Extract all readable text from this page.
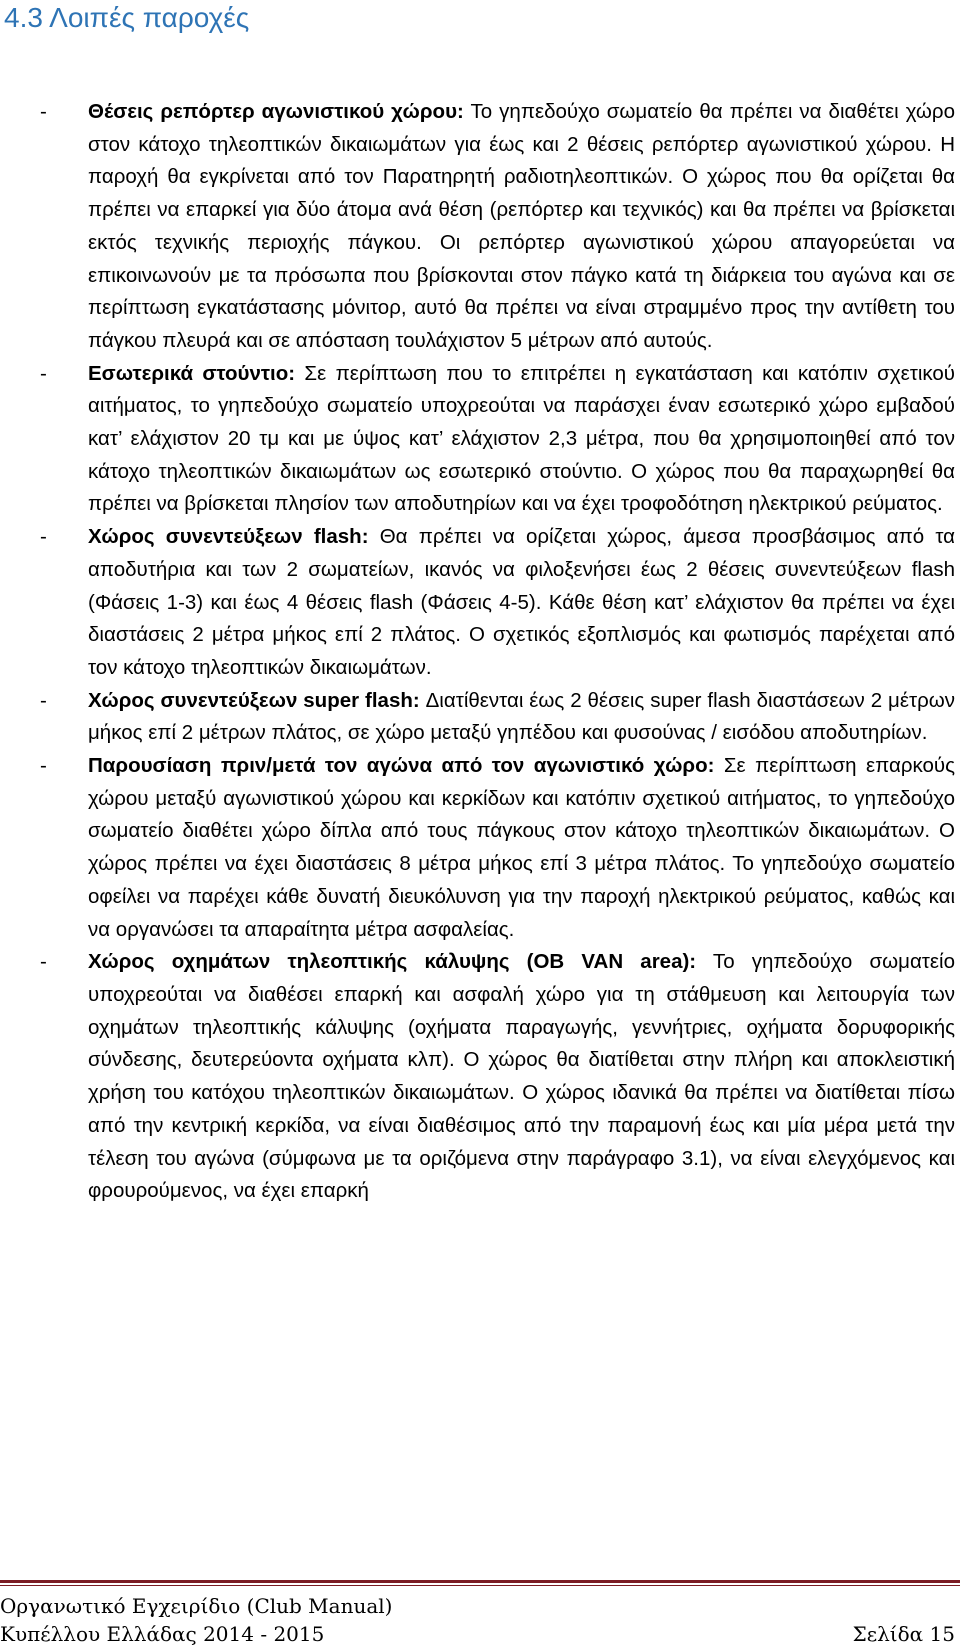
4.3 Λοιπές παροχές
- Θέσεις ρεπόρτερ αγωνιστικού χώρου: Το γηπεδούχο σωματείο θα πρέπει να διαθέτει χώρο στον κάτοχο τηλεοπτικών δικαιωμάτων για έως και 2 θέσεις ρεπόρτερ αγωνιστικού χώρου. Η παροχή θα εγκρίνεται από τον Παρατηρητή ραδιοτηλεοπτικών. Ο χώρος που θα ορίζεται θα πρέπει να επαρκεί για δύο άτομα ανά θέση (ρεπόρτερ και τεχνικός) και θα πρέπει να βρίσκεται εκτός τεχνικής περιοχής πάγκου. Οι ρεπόρτερ αγωνιστικού χώρου απαγορεύεται να επικοινωνούν με τα πρόσωπα που βρίσκονται στον πάγκο κατά τη διάρκεια του αγώνα και σε περίπτωση εγκατάστασης μόνιτορ, αυτό θα πρέπει να είναι στραμμένο προς την αντίθετη του πάγκου πλευρά και σε απόσταση τουλάχιστον 5 μέτρων από αυτούς.
- Εσωτερικά στούντιο: Σε περίπτωση που το επιτρέπει η εγκατάσταση και κατόπιν σχετικού αιτήματος, το γηπεδούχο σωματείο υποχρεούται να παράσχει έναν εσωτερικό χώρο εμβαδού κατ’ ελάχιστον 20 τμ και με ύψος κατ’ ελάχιστον 2,3 μέτρα, που θα χρησιμοποιηθεί από τον κάτοχο τηλεοπτικών δικαιωμάτων ως εσωτερικό στούντιο. Ο χώρος που θα παραχωρηθεί θα πρέπει να βρίσκεται πλησίον των αποδυτηρίων και να έχει τροφοδότηση ηλεκτρικού ρεύματος.
- Χώρος συνεντεύξεων flash: Θα πρέπει να ορίζεται χώρος, άμεσα προσβάσιμος από τα αποδυτήρια και των 2 σωματείων, ικανός να φιλοξενήσει έως 2 θέσεις συνεντεύξεων flash (Φάσεις 1-3) και έως 4 θέσεις flash (Φάσεις 4-5). Κάθε θέση κατ’ ελάχιστον θα πρέπει να έχει διαστάσεις 2 μέτρα μήκος επί 2 πλάτος. Ο σχετικός εξοπλισμός και φωτισμός παρέχεται από τον κάτοχο τηλεοπτικών δικαιωμάτων.
- Χώρος συνεντεύξεων super flash: Διατίθενται έως 2 θέσεις super flash διαστάσεων 2 μέτρων μήκος επί 2 μέτρων πλάτος, σε χώρο μεταξύ γηπέδου και φυσούνας / εισόδου αποδυτηρίων.
- Παρουσίαση πριν/μετά τον αγώνα από τον αγωνιστικό χώρο: Σε περίπτωση επαρκούς χώρου μεταξύ αγωνιστικού χώρου και κερκίδων και κατόπιν σχετικού αιτήματος, το γηπεδούχο σωματείο διαθέτει χώρο δίπλα από τους πάγκους στον κάτοχο τηλεοπτικών δικαιωμάτων. Ο χώρος πρέπει να έχει διαστάσεις 8 μέτρα μήκος επί 3 μέτρα πλάτος. Το γηπεδούχο σωματείο οφείλει να παρέχει κάθε δυνατή διευκόλυνση για την παροχή ηλεκτρικού ρεύματος, καθώς και να οργανώσει τα απαραίτητα μέτρα ασφαλείας.
- Χώρος οχημάτων τηλεοπτικής κάλυψης (OB VAN area): Το γηπεδούχο σωματείο υποχρεούται να διαθέσει επαρκή και ασφαλή χώρο για τη στάθμευση και λειτουργία των οχημάτων τηλεοπτικής κάλυψης (οχήματα παραγωγής, γεννήτριες, οχήματα δορυφορικής σύνδεσης, δευτερεύοντα οχήματα κλπ). Ο χώρος θα διατίθεται στην πλήρη και αποκλειστική χρήση του κατόχου τηλεοπτικών δικαιωμάτων. Ο χώρος ιδανικά θα πρέπει να διατίθεται πίσω από την κεντρική κερκίδα, να είναι διαθέσιμος από την παραμονή έως και μία μέρα μετά την τέλεση του αγώνα (σύμφωνα με τα οριζόμενα στην παράγραφο 3.1), να είναι ελεγχόμενος και φρουρούμενος, να έχει επαρκή
Οργανωτικό Εγχειρίδιο (Club Manual)
Κυπέλλου Ελλάδας 2014 - 2015	Σελίδα 15
